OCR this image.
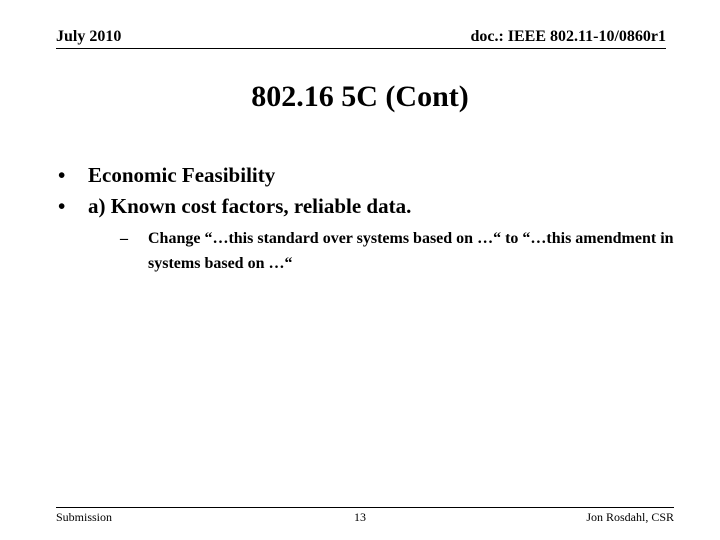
July 2010	doc.: IEEE 802.11-10/0860r1
802.16 5C (Cont)
• Economic Feasibility
• a) Known cost factors, reliable data.
– Change “…this standard over systems based on …“ to “…this amendment in systems based on …“
Submission	13	Jon Rosdahl, CSR
